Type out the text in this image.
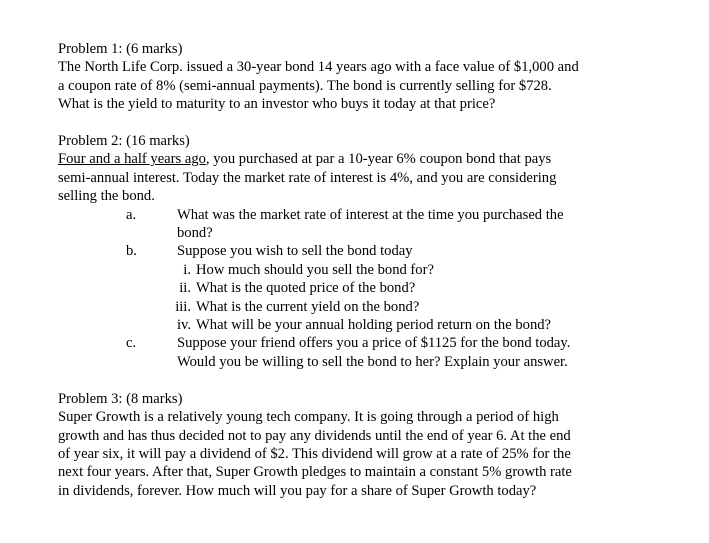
Problem 1: (6 marks)
The North Life Corp. issued a 30-year bond 14 years ago with a face value of $1,000 and
a coupon rate of 8% (semi-annual payments). The bond is currently selling for $728.
What is the yield to maturity to an investor who buys it today at that price?
Problem 2: (16 marks)
Four and a half years ago, you purchased at par a 10-year 6% coupon bond that pays
semi-annual interest. Today the market rate of interest is 4%, and you are considering
selling the bond.
a.	What was the market rate of interest at the time you purchased the
bond?
b.	Suppose you wish to sell the bond today
i. How much should you sell the bond for?
ii. What is the quoted price of the bond?
iii. What is the current yield on the bond?
iv. What will be your annual holding period return on the bond?
c.	Suppose your friend offers you a price of $1125 for the bond today.
Would you be willing to sell the bond to her? Explain your answer.
Problem 3: (8 marks)
Super Growth is a relatively young tech company. It is going through a period of high
growth and has thus decided not to pay any dividends until the end of year 6. At the end
of year six, it will pay a dividend of $2. This dividend will grow at a rate of 25% for the
next four years. After that, Super Growth pledges to maintain a constant 5% growth rate
in dividends, forever. How much will you pay for a share of Super Growth today?
